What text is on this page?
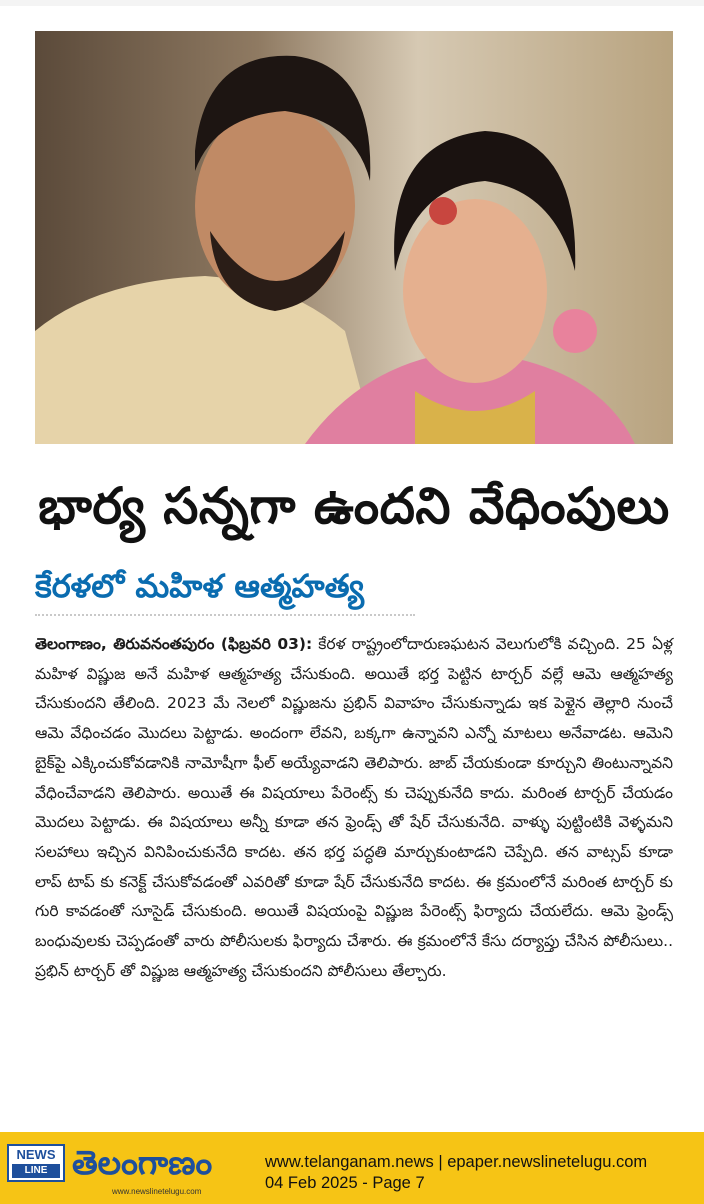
భార్య సన్నగా ఉందని వేధింపులు
కేరళలో మహిళ ఆత్మహత్య
తెలంగాణం, తిరువనంతపురం (ఫిబ్రవరి 03): కేరళ రాష్ట్రంలోదారుణఘటన వెలుగులోకి వచ్చింది. 25 ఏళ్ల మహిళ విష్ణుజ అనే మహిళ ఆత్మహత్య చేసుకుంది. అయితే భర్త పెట్టిన టార్చర్ వల్లే ఆమె ఆత్మహత్య చేసుకుందని తేలింది. 2023 మే నెలలో విష్ణుజను ప్రభిన్ వివాహం చేసుకున్నాడు ఇక పెళ్లైన తెల్లారి నుంచే ఆమె వేధించడం మొదలు పెట్టాడు. అందంగా లేవని, బక్కగా ఉన్నావని ఎన్నో మాటలు అనేవాడట. ఆమెని బైక్‌పై ఎక్కించుకోవడానికి నామోషీగా ఫీల్ అయ్యేవాడని తెలిపారు. జాబ్ చేయకుండా కూర్చుని తింటున్నావని వేధించేవాడని తెలిపారు. అయితే ఈ విషయాలు పేరెంట్స్ కు చెప్పుకునేది కాదు. మరింత టార్చర్ చేయడం మొదలు పెట్టాడు. ఈ విషయాలు అన్నీ కూడా తన ఫ్రెండ్స్ తో షేర్ చేసుకునేది. వాళ్ళు పుట్టింటికి వెళ్ళమని సలహాలు ఇచ్చిన వినిపించుకునేది కాదట. తన భర్త పద్ధతి మార్చుకుంటాడని చెప్పేది. తన వాట్సప్ కూడా లాప్ టాప్ కు కనెక్ట్ చేసుకోవడంతో ఎవరితో కూడా షేర్ చేసుకునేది కాదట. ఈ క్రమంలోనే మరింత టార్చర్ కు గురి కావడంతో సూసైడ్ చేసుకుంది. అయితే విషయంపై విష్ణుజ పేరెంట్స్ ఫిర్యాదు చేయలేదు. ఆమె ఫ్రెండ్స్ బంధువులకు చెప్పడంతో వారు పోలీసులకు ఫిర్యాదు చేశారు. ఈ క్రమంలోనే కేసు దర్యాప్తు చేసిన పోలీసులు.. ప్రభిన్ టార్చర్ తో విష్ణుజ ఆత్మహత్య చేసుకుందని పోలీసులు తేల్చారు.
NEWS
LINE తెలంగాణం
www.newslinetelugu.com
www.telanganam.news | epaper.newslinetelugu.com
04 Feb 2025 - Page 7
